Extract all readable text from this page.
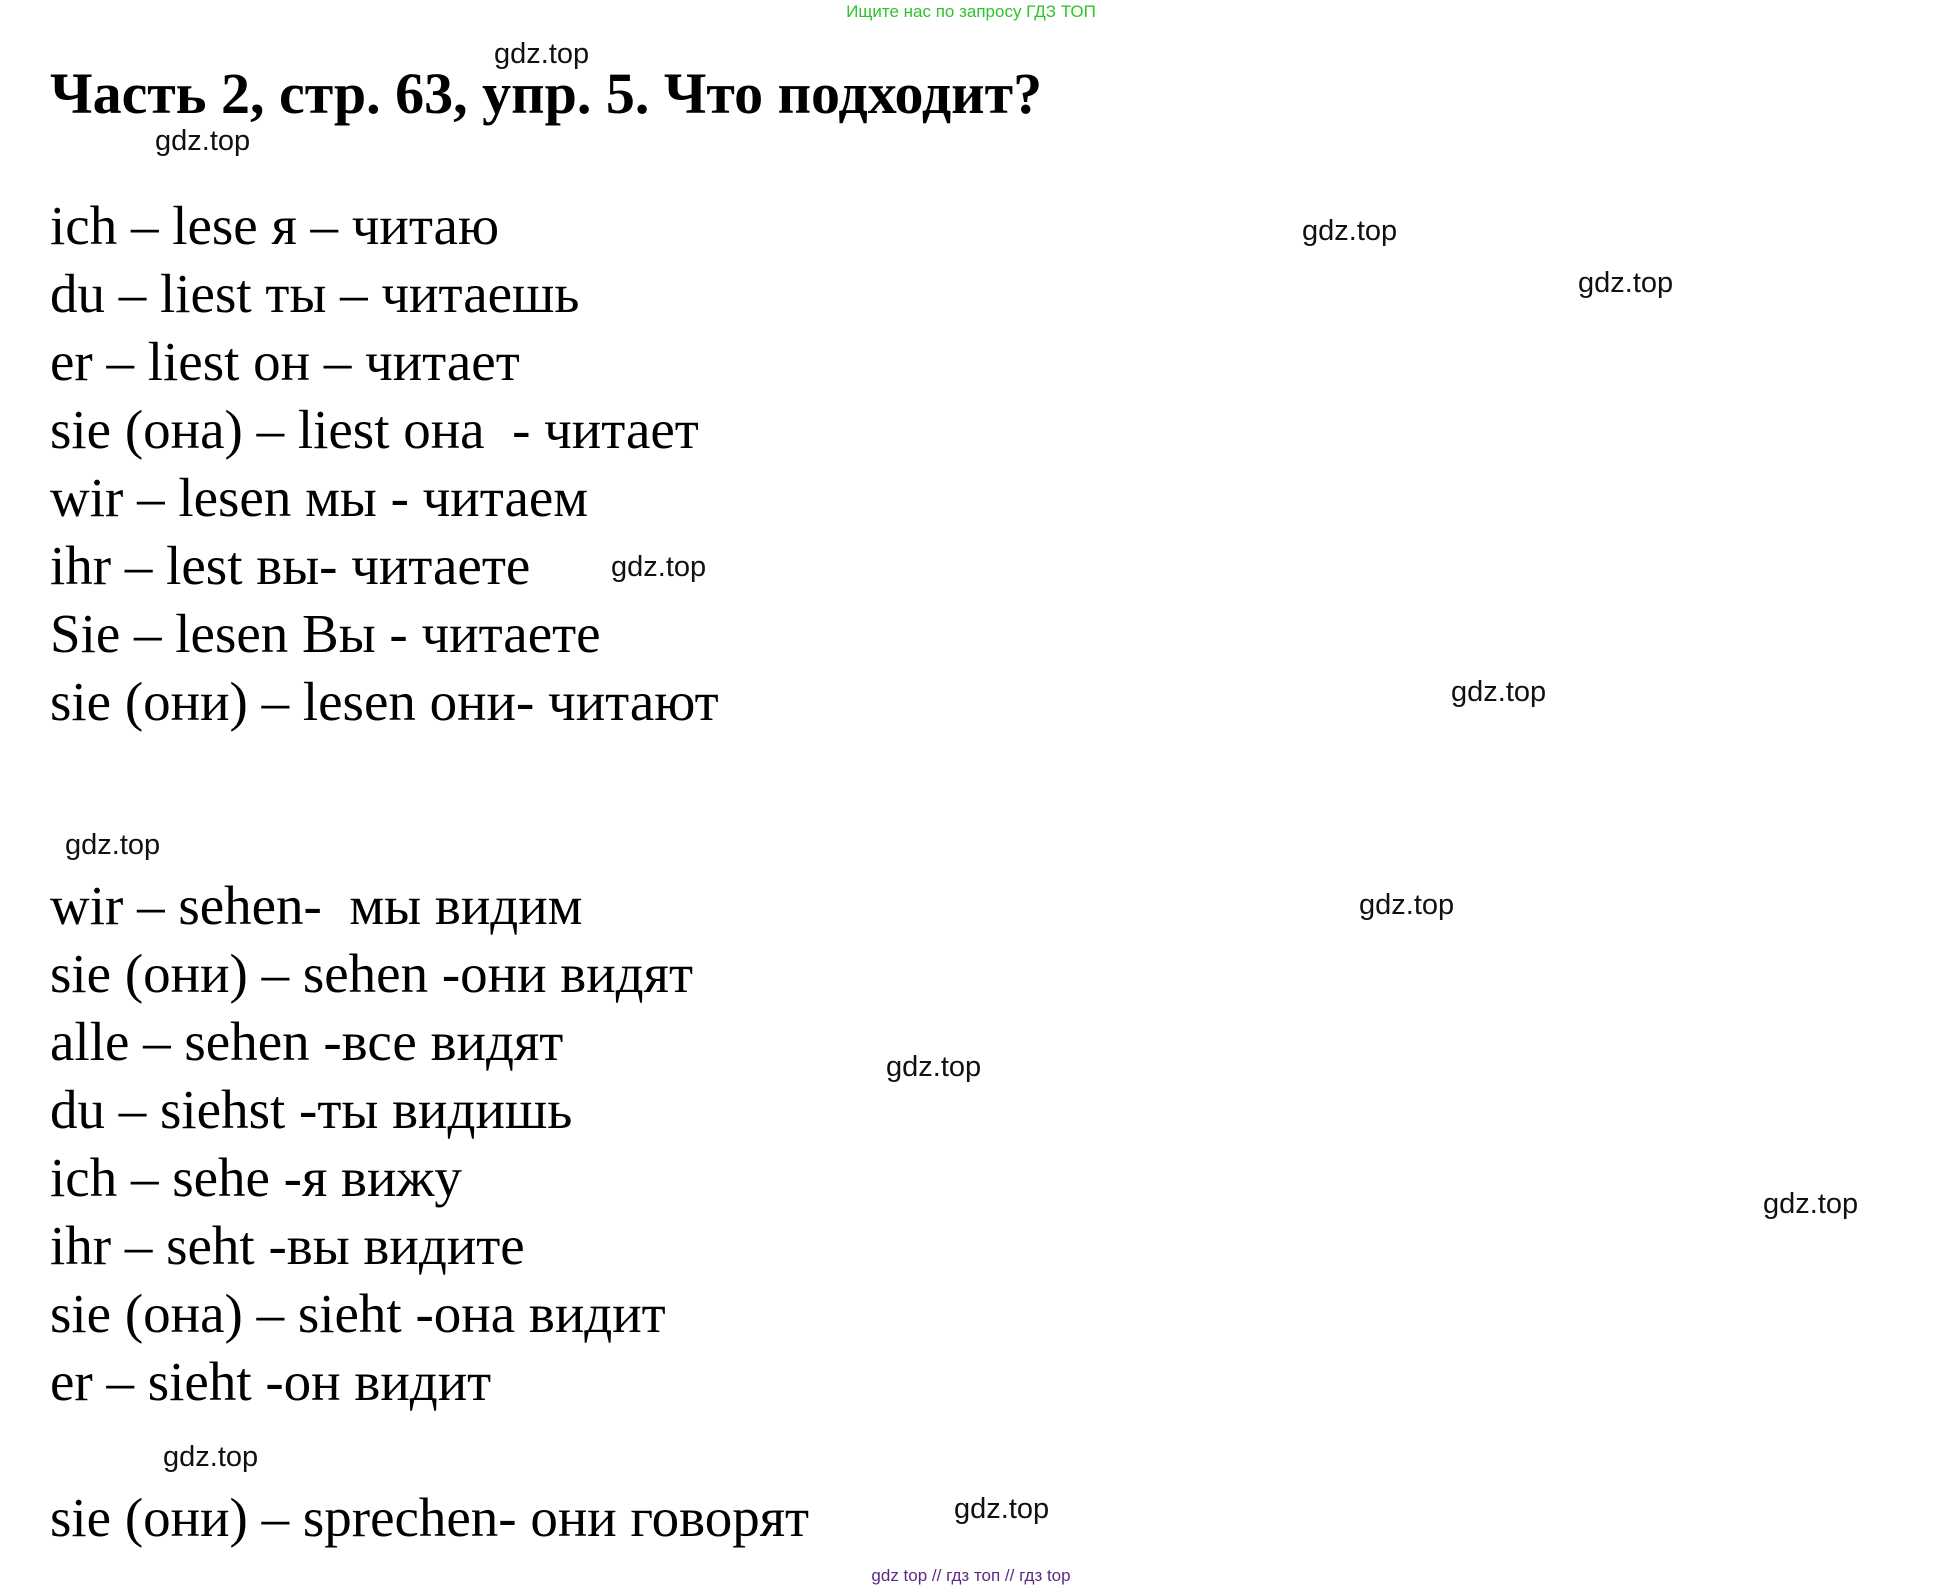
Ищите нас по запросу ГДЗ ТОП
Часть 2, стр. 63, упр. 5. Что подходит?
ich – lese я – читаю
du – liest ты – читаешь
er – liest он – читает
sie (она) – liest она  - читает
wir – lesen мы - читаем
ihr – lest вы- читаете
Sie – lesen Вы - читаете
sie (они) – lesen они- читают
wir – sehen-  мы видим
sie (они) – sehen -они видят
alle – sehen -все видят
du – siehst -ты видишь
ich – sehe -я вижу
ihr – seht -вы видите
sie (она) – sieht -она видит
er – sieht -он видит
sie (они) – sprechen- они говорят
gdz.top
gdz.top
gdz.top
gdz.top
gdz.top
gdz.top
gdz.top
gdz.top
gdz.top
gdz.top
gdz.top
gdz.top
gdz top // гдз топ // гдз top
